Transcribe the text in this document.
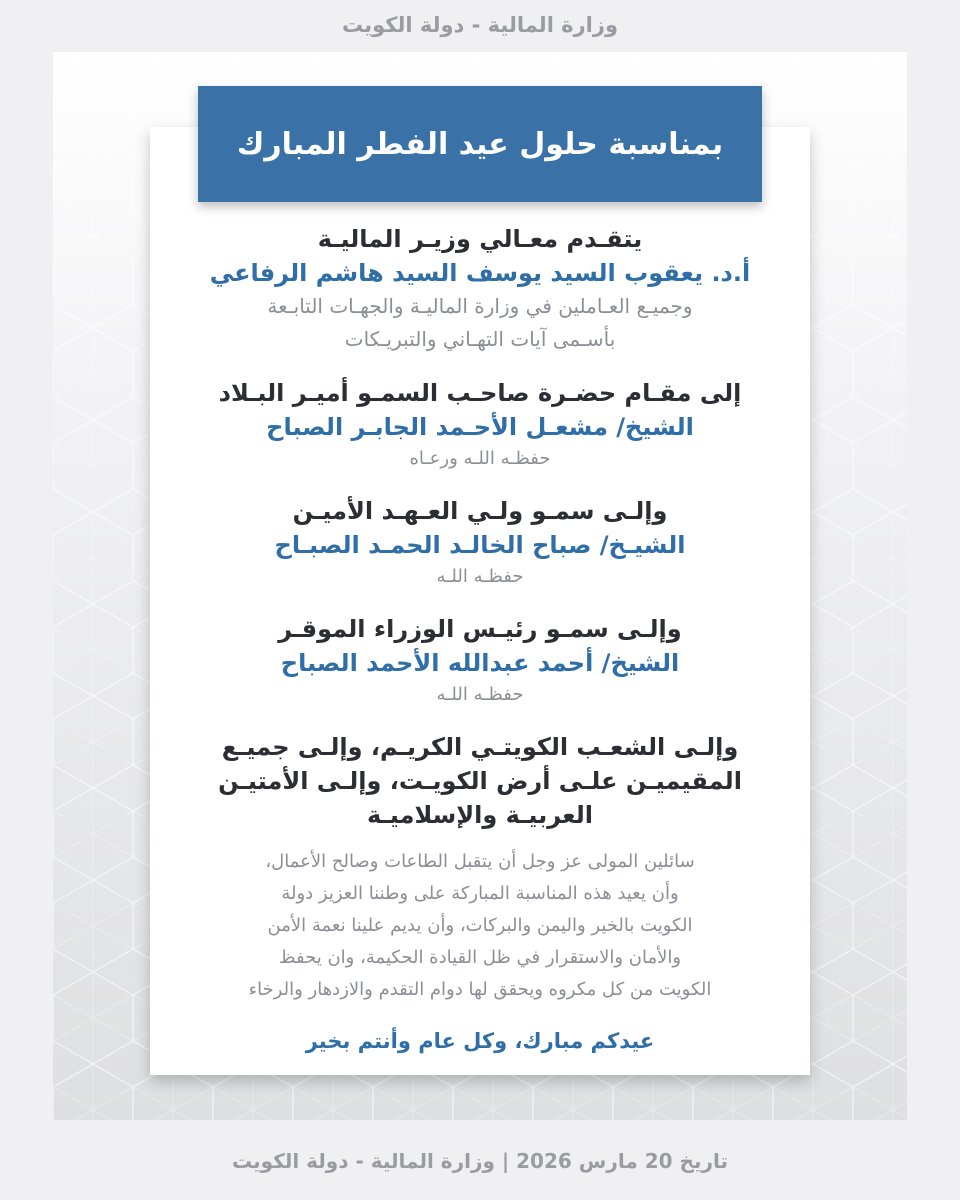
وزارة المالية - دولة الكويت
بمناسبة حلول عيد الفطر المبارك
يتقـدم معـالي وزيـر الماليـة
أ.د. يعقوب السيد يوسف السيد هاشم الرفاعي
وجميـع العـاملين في وزارة الماليـة والجهـات التابـعة
بأسـمى آيات التهـاني والتبريـكات
إلى مقـام حضـرة صاحـب السمـو أميـر البـلاد
الشيخ/ مشعـل الأحـمد الجابـر الصباح
حفظـه اللـه ورعـاه
وإلـى سمـو ولـي العـهـد الأميـن
الشيـخ/ صباح الخالـد الحمـد الصبـاح
حفظـه اللـه
وإلـى سمـو رئيـس الوزراء الموقـر
الشيخ/ أحمد عبدالله الأحمد الصباح
حفظـه اللـه
وإلـى الشعـب الكويتـي الكريـم، وإلـى جميـع
المقيميـن علـى أرض الكويـت، وإلـى الأمتيـن
العربيـة والإسلاميـة
سائلين المولى عز وجل أن يتقبل الطاعات وصالح الأعمال،
وأن يعيد هذه المناسبة المباركة على وطننا العزيز دولة
الكويت بالخير واليمن والبركات، وأن يديم علينا نعمة الأمن
والأمان والاستقرار في ظل القيادة الحكيمة، وان يحفظ
الكويت من كل مكروه ويحقق لها دوام التقدم والازدهار والرخاء
عيدكم مبارك، وكل عام وأنتم بخير
تاريخ 20 مارس 2026 | وزارة المالية - دولة الكويت
